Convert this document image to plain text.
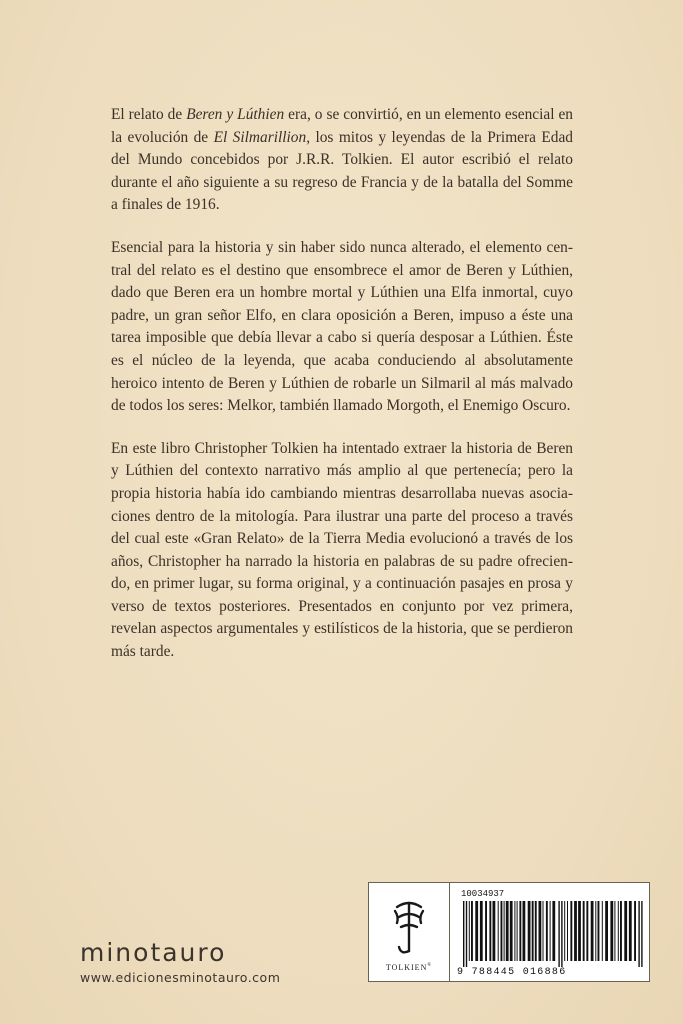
El relato de Beren y Lúthien era, o se convirtió, en un elemento esencial en la evolución de El Silmarillion, los mitos y leyendas de la Primera Edad del Mundo concebidos por J.R.R. Tolkien. El autor escribió el relato durante el año siguiente a su regreso de Francia y de la batalla del Somme a finales de 1916.

Esencial para la historia y sin haber sido nunca alterado, el elemento central del relato es el destino que ensombrece el amor de Beren y Lúthien, dado que Beren era un hombre mortal y Lúthien una Elfa inmortal, cuyo padre, un gran señor Elfo, en clara oposición a Beren, impuso a éste una tarea imposible que debía llevar a cabo si quería desposar a Lúthien. Éste es el núcleo de la leyenda, que acaba conduciendo al absolutamente heroico intento de Beren y Lúthien de robarle un Silmaril al más malvado de todos los seres: Melkor, también llamado Morgoth, el Enemigo Oscuro.

En este libro Christopher Tolkien ha intentado extraer la historia de Beren y Lúthien del contexto narrativo más amplio al que pertenecía; pero la propia historia había ido cambiando mientras desarrollaba nuevas asociaciones dentro de la mitología. Para ilustrar una parte del proceso a través del cual este «Gran Relato» de la Tierra Media evolucionó a través de los años, Christopher ha narrado la historia en palabras de su padre ofreciendo, en primer lugar, su forma original, y a continuación pasajes en prosa y verso de textos posteriores. Presentados en conjunto por vez primera, revelan aspectos argumentales y estilísticos de la historia, que se perdieron más tarde.

minotauro
www.edicionesminotauro.com
TOLKIEN®
10034937
9 788445 016886
